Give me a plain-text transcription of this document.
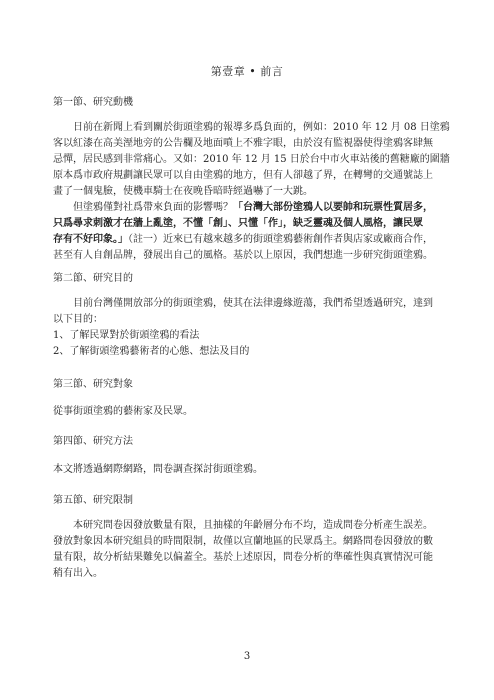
第壹章 • 前言
第一節、研究動機
日前在新聞上看到關於街頭塗鴉的報導多爲負面的，例如：2010 年 12 月 08 日塗鴉
客以紅漆在高美溼地旁的公告欄及地面噴上不雅字眼，由於沒有監視器使得塗鴉客肆無
忌憚，居民感到非常痛心。又如：2010 年 12 月 15 日於台中市火車站後的舊糖廠的圍牆
原本爲市政府規劃讓民眾可以自由塗鴉的地方，但有人卻越了界，在轉彎的交通號誌上
畫了一個鬼臉，使機車騎士在夜晚昏暗時經過嚇了一大跳。
但塗鴉僅對社爲帶來負面的影響嗎？「台灣大部份塗鴉人以要帥和玩票性質居多，
只爲尋求刺激才在牆上亂塗，不懂「創」、只懂「作」，缺乏靈魂及個人風格，讓民眾
存有不好印象。」（註一）近來已有越來越多的街頭塗鴉藝術創作者與店家或廠商合作，
甚至有人自創品牌，發展出自己的風格。基於以上原因，我們想進一步研究街頭塗鴉。
第二節、研究目的
目前台灣僅開放部分的街頭塗鴉，使其在法律邊緣遊蕩，我們希望透過研究，達到
以下目的：
1、了解民眾對於街頭塗鴉的看法
2、了解街頭塗鴉藝術者的心態、想法及目的
第三節、研究對象
從事街頭塗鴉的藝術家及民眾。
第四節、研究方法
本文將透過網際網路，問卷調查探討街頭塗鴉。
第五節、研究限制
本研究問卷因發放數量有限，且抽樣的年齡層分布不均，造成問卷分析產生誤差。
發放對象因本研究組員的時間限制，故僅以宣蘭地區的民眾爲主。網路問卷因發放的數
量有限，故分析結果難免以偏蓋全。基於上述原因，問卷分析的準確性與真實情況可能
稍有出入。
3
